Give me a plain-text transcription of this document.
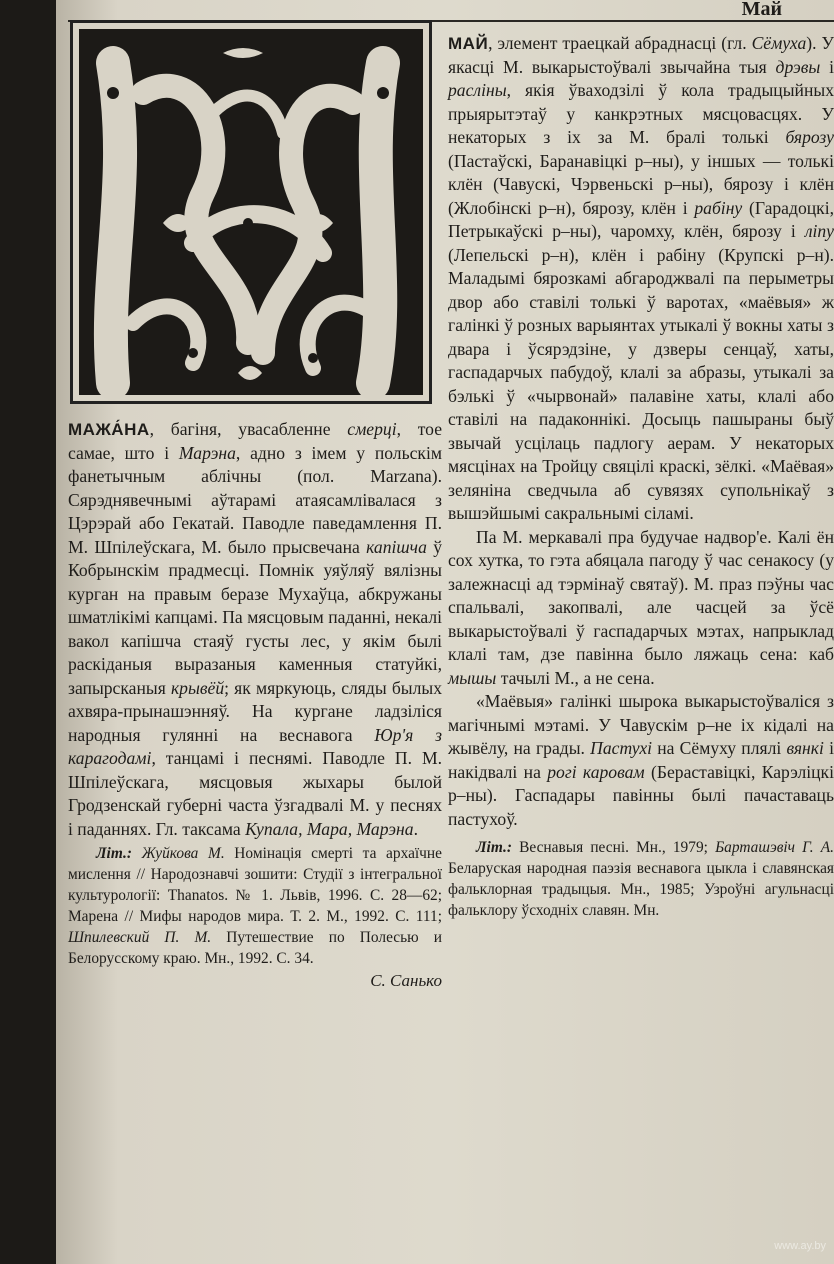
Май

МАЖА́НА, багіня, увасабленне смерці, тое самае, што і Марэна, адно з імем у польскім фанетычным аблічны (пол. Marzana). Сярэднявечнымі аўтарамі атаясамлівалася з Цэрэрай або Гекатай. Паводле паведамлення П. М. Шпілеўскага, М. было прысвечана капішча ў Кобрынскім прадмесці. Помнік уяўляў вялізны курган на правым беразе Мухаўца, абкружаны шматлікімі капцамі. Па мясцовым паданні, некалі вакол капішча стаяў густы лес, у якім былі раскіданыя выразаныя каменныя статуйкі, запырсканыя крывёй; як мяркуюць, сляды былых ахвяра-прынашэнняў. На кургане ладзіліся народныя гулянні на веснавога Юр'я з карагодамі, танцамі і песнямі. Паводле П. М. Шпілеўскага, мясцовыя жыхары былой Гродзенскай губерні часта ўзгадвалі М. у песнях і паданнях. Гл. таксама Купала, Мара, Марэна.

Літ.: Жуйкова М. Номінація смерті та архаїчне мислення // Народознавчі зошити: Студії з інтегральної культурології: Thanatos. № 1. Львів, 1996. С. 28—62; Марена // Мифы народов мира. Т. 2. М., 1992. С. 111; Шпилевский П. М. Путешествие по Полесью и Белорусскому краю. Мн., 1992. С. 34.

С. Санько

МАЙ, элемент траецкай абраднасці (гл. Сёмуха). У якасці М. выкарыстоўвалі звычайна тыя дрэвы і расліны, якія ўваходзілі ў кола традыцыйных прыярытэтаў у канкрэтных мясцовасцях. У некаторых з іх за М. бралі толькі бярозу (Пастаўскі, Баранавіцкі р–ны), у іншых — толькі клён (Чавускі, Чэрвеньскі р–ны), бярозу і клён (Жлобінскі р–н), бярозу, клён і рабіну (Гарадоцкі, Петрыкаўскі р–ны), чаромху, клён, бярозу і ліпу (Лепельскі р–н), клён і рабіну (Крупскі р–н). Маладымі бярозкамі абгароджвалі па перыметры двор або ставілі толькі ў варотах, «маёвыя» ж галінкі ў розных варыянтах утыкалі ў вокны хаты з двара і ўсярэдзіне, у дзверы сенцаў, хаты, гаспадарчых пабудоў, клалі за абразы, утыкалі за бэлькі ў «чырвонай» палавіне хаты, клалі або ставілі на падаконнікі. Досыць пашыраны быў звычай усцілаць падлогу аерам. У некаторых мясцінах на Тройцу свяцілі краскі, зёлкі. «Маёвая» зелянiна сведчыла аб сувязях супольнікаў з вышэйшымі сакральнымі сіламі.

Па М. меркавалі пра будучае надвор'е. Калі ён сох хутка, то гэта абяцала пагоду ў час сенакосу (у залежнасці ад тэрмінаў святаў). М. праз пэўны час спальвалі, закопвалі, але часцей за ўсё выкарыстоўвалі ў гаспадарчых мэтах, напрыклад клалі там, дзе павінна было ляжаць сена: каб мышы тачылі М., а не сена.

«Маёвыя» галінкі шырока выкарыстоўваліся з магічнымі мэтамі. У Чавускім р–не іх кідалі на жывёлу, на грады. Пастухі на Сёмуху плялі вянкі і накідвалі на рогі каровам (Бераставіцкі, Карэліцкі р–ны). Гаспадары павінны былі пачаставаць пастухоў.

Літ.: Веснавыя песні. Мн., 1979; Барташэвіч Г. А. Беларуская народная паэзія веснавога цыкла і славянская фальклорная традыцыя. Мн., 1985; Узроўні агульнасці фальклору ўсходніх славян. Мн.

www.ay.by
